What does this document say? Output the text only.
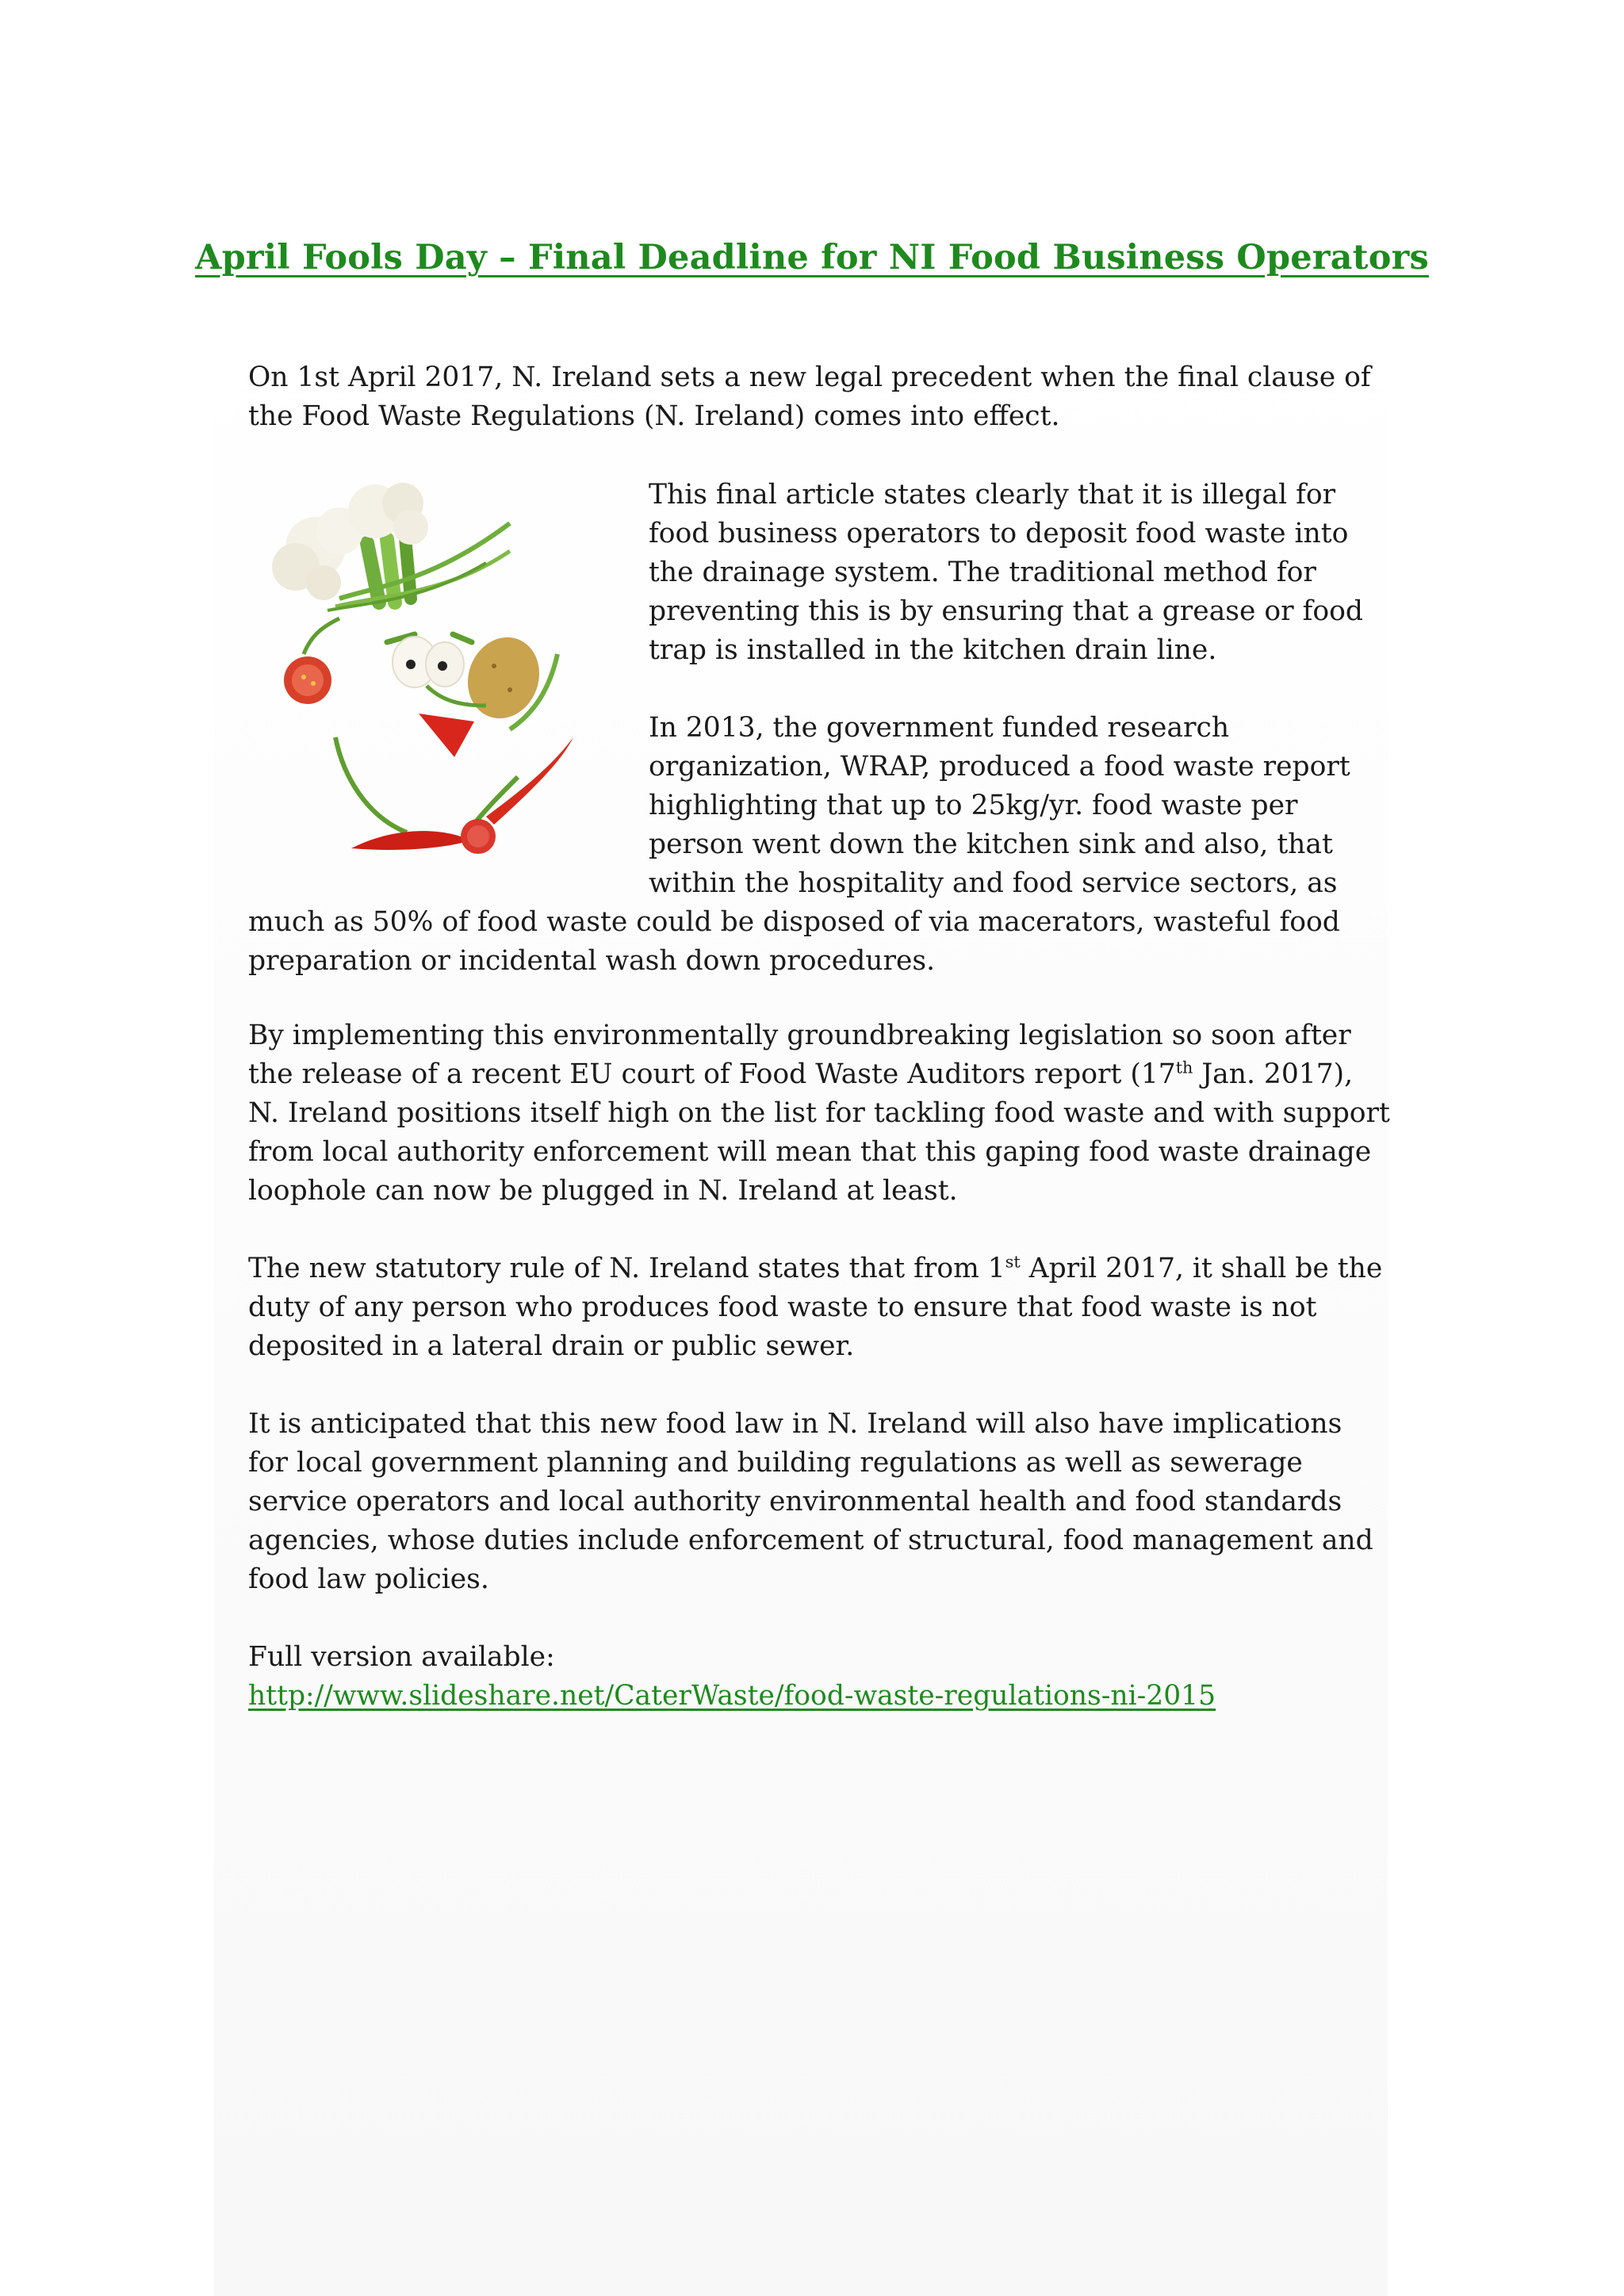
April Fools Day – Final Deadline for NI Food Business Operators

On 1st April 2017, N. Ireland sets a new legal precedent when the final clause of the Food Waste Regulations (N. Ireland) comes into effect.

This final article states clearly that it is illegal for food business operators to deposit food waste into the drainage system. The traditional method for preventing this is by ensuring that a grease or food trap is installed in the kitchen drain line.

In 2013, the government funded research organization, WRAP, produced a food waste report highlighting that up to 25kg/yr. food waste per person went down the kitchen sink and also, that within the hospitality and food service sectors, as much as 50% of food waste could be disposed of via macerators, wasteful food preparation or incidental wash down procedures.

By implementing this environmentally groundbreaking legislation so soon after the release of a recent EU court of Food Waste Auditors report (17th Jan. 2017), N. Ireland positions itself high on the list for tackling food waste and with support from local authority enforcement will mean that this gaping food waste drainage loophole can now be plugged in N. Ireland at least.

The new statutory rule of N. Ireland states that from 1st April 2017, it shall be the duty of any person who produces food waste to ensure that food waste is not deposited in a lateral drain or public sewer.

It is anticipated that this new food law in N. Ireland will also have implications for local government planning and building regulations as well as sewerage service operators and local authority environmental health and food standards agencies, whose duties include enforcement of structural, food management and food law policies.

Full version available:

http://www.slideshare.net/CaterWaste/food-waste-regulations-ni-2015
